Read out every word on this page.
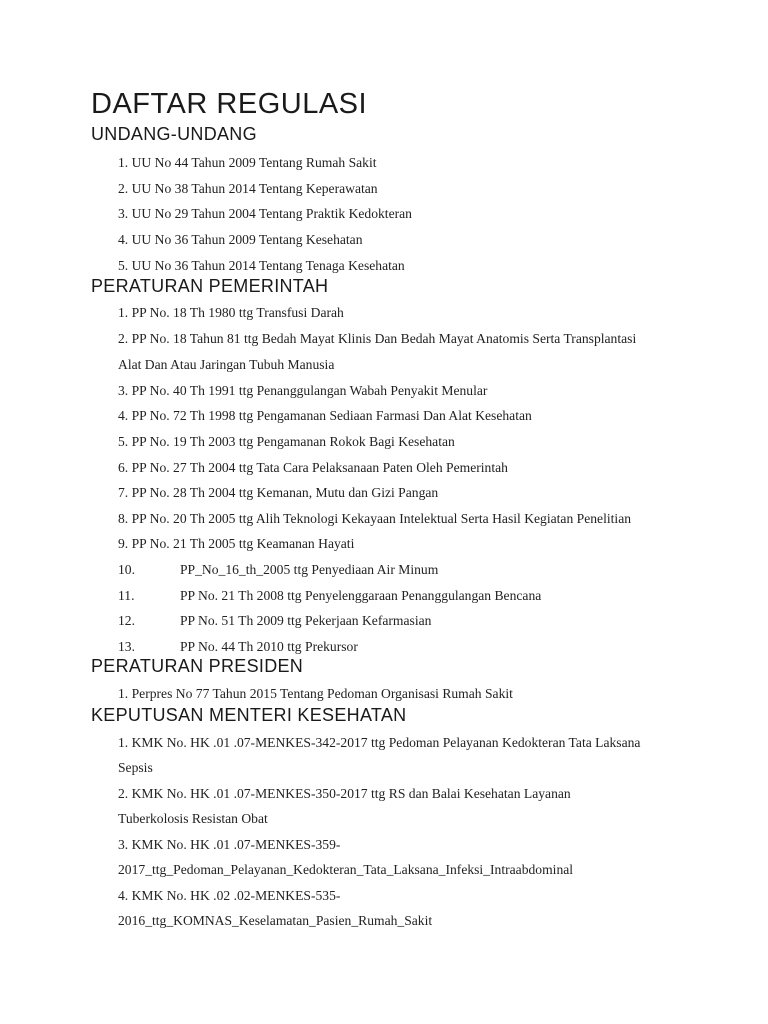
DAFTAR REGULASI
UNDANG-UNDANG
1. UU No 44 Tahun 2009 Tentang Rumah Sakit
2. UU No 38 Tahun 2014 Tentang Keperawatan
3. UU No 29 Tahun 2004 Tentang Praktik Kedokteran
4. UU No 36 Tahun 2009 Tentang Kesehatan
5. UU No 36 Tahun 2014 Tentang Tenaga Kesehatan
PERATURAN PEMERINTAH
1. PP No. 18 Th 1980 ttg Transfusi Darah
2. PP No. 18 Tahun 81 ttg Bedah Mayat Klinis Dan Bedah Mayat Anatomis Serta Transplantasi
Alat Dan Atau Jaringan Tubuh Manusia
3. PP No. 40 Th 1991 ttg Penanggulangan Wabah Penyakit Menular
4. PP No. 72 Th 1998 ttg Pengamanan Sediaan Farmasi Dan Alat Kesehatan
5. PP No. 19 Th 2003 ttg Pengamanan Rokok Bagi Kesehatan
6. PP No. 27 Th 2004 ttg Tata Cara Pelaksanaan Paten Oleh Pemerintah
7. PP No. 28 Th 2004 ttg Kemanan, Mutu dan Gizi Pangan
8. PP No. 20 Th 2005 ttg Alih Teknologi Kekayaan Intelektual Serta Hasil Kegiatan Penelitian
9. PP No. 21 Th 2005 ttg Keamanan Hayati
10.	PP_No_16_th_2005 ttg Penyediaan Air Minum
11.	PP No. 21 Th 2008 ttg Penyelenggaraan Penanggulangan Bencana
12.	PP No. 51 Th 2009 ttg Pekerjaan Kefarmasian
13.	PP No. 44 Th 2010 ttg Prekursor
PERATURAN PRESIDEN
1. Perpres No 77 Tahun 2015 Tentang Pedoman Organisasi Rumah Sakit
KEPUTUSAN MENTERI KESEHATAN
1. KMK No. HK .01 .07-MENKES-342-2017 ttg Pedoman Pelayanan Kedokteran Tata Laksana
Sepsis
2. KMK No. HK .01 .07-MENKES-350-2017 ttg RS dan Balai Kesehatan Layanan
Tuberkolosis Resistan Obat
3. KMK No. HK .01 .07-MENKES-359-
2017_ttg_Pedoman_Pelayanan_Kedokteran_Tata_Laksana_Infeksi_Intraabdominal
4. KMK No. HK .02 .02-MENKES-535-
2016_ttg_KOMNAS_Keselamatan_Pasien_Rumah_Sakit
